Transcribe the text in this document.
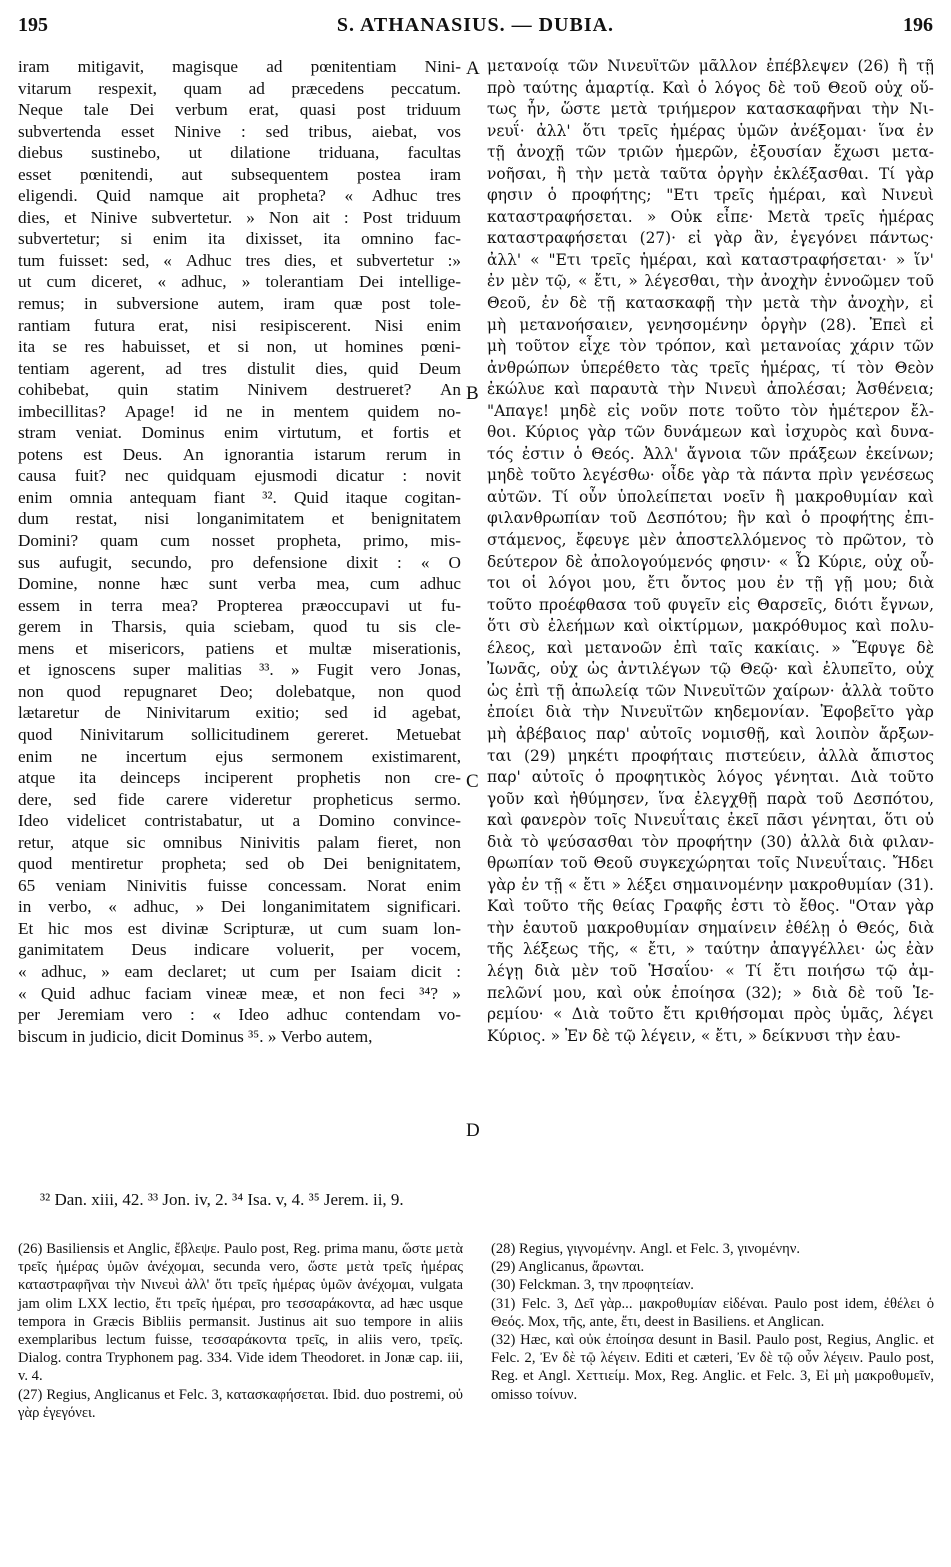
195	S. ATHANASIUS. — DUBIA.	196
iram mitigavit, magisque ad pœnitentiam Nini-
vitarum respexit, quam ad præcedens peccatum.
Neque tale Dei verbum erat, quasi post triduum
subvertenda esset Ninive : sed tribus, aiebat, vos
diebus sustinebo, ut dilatione triduana, facultas
esset pœnitendi, aut subsequentem postea iram
eligendi. Quid namque ait propheta? « Adhuc tres
dies, et Ninive subvertetur. » Non ait : Post triduum
subvertetur; si enim ita dixisset, ita omnino fac-
tum fuisset: sed, « Adhuc tres dies, et subvertetur :»
ut cum diceret, « adhuc, » tolerantiam Dei intellige-
remus; in subversione autem, iram quæ post tole-
rantiam futura erat, nisi resipiscerent. Nisi enim
ita se res habuisset, et si non, ut homines pœni-
tentiam agerent, ad tres distulit dies, quid Deum
cohibebat, quin statim Ninivem destrueret? An
imbecillitas? Apage! id ne in mentem quidem no-
stram veniat. Dominus enim virtutum, et fortis et
potens est Deus. An ignorantia istarum rerum in
causa fuit? nec quidquam ejusmodi dicatur : novit
enim omnia antequam fiant ³². Quid itaque cogitan-
dum restat, nisi longanimitatem et benignitatem
Domini? quam cum nosset propheta, primo, mis-
sus aufugit, secundo, pro defensione dixit : « O
Domine, nonne hæc sunt verba mea, cum adhuc
essem in terra mea? Propterea præoccupavi ut fu-
gerem in Tharsis, quia sciebam, quod tu sis cle-
mens et misericors, patiens et multæ miserationis,
et ignoscens super malitias ³³. » Fugit vero Jonas,
non quod repugnaret Deo; dolebatque, non quod
lætaretur de Ninivitarum exitio; sed id agebat,
quod Ninivitarum sollicitudinem gereret. Metuebat
enim ne incertum ejus sermonem existimarent,
atque ita deinceps inciperent prophetis non cre-
dere, sed fide carere videretur propheticus sermo.
Ideo videlicet contristabatur, ut a Domino convince-
retur, atque sic omnibus Ninivitis palam fieret, non
quod mentiretur propheta; sed ob Dei benignitatem,
65 veniam Ninivitis fuisse concessam. Norat enim
in verbo, « adhuc, » Dei longanimitatem significari.
Et hic mos est divinæ Scripturæ, ut cum suam lon-
ganimitatem Deus indicare voluerit, per vocem,
« adhuc, » eam declaret; ut cum per Isaiam dicit :
« Quid adhuc faciam vineæ meæ, et non feci ³⁴? »
per Jeremiam vero : « Ideo adhuc contendam vo-
biscum
in
judicio,
dicit
Dominus
³⁵.
»
Verbo
autem,

μετανοίᾳ τῶν Νινευϊτῶν μᾶλλον ἐπέβλεψεν (26) ἢ τῇ
πρὸ ταύτης ἁμαρτίᾳ. Καὶ ὁ λόγος δὲ τοῦ Θεοῦ οὐχ οὕ-
τως ἦν, ὥστε μετὰ τριήμερον κατασκαφῆναι τὴν Νι-
νευΐ· ἀλλ' ὅτι τρεῖς ἡμέρας ὑμῶν ἀνέξομαι· ἵνα ἐν
τῇ ἀνοχῇ τῶν τριῶν ἡμερῶν, ἐξουσίαν ἔχωσι μετα-
νοῆσαι, ἢ τὴν μετὰ ταῦτα ὀργὴν ἐκλέξασθαι. Τί γὰρ
φησιν ὁ προφήτης; "Ετι τρεῖς ἡμέραι, καὶ Νινευὶ
καταστραφήσεται. » Οὐκ εἶπε· Μετὰ τρεῖς ἡμέρας
καταστραφήσεται (27)· εἰ γὰρ ἂν, ἐγεγόνει πάντως·
ἀλλ' « "Ετι τρεῖς ἡμέραι, καὶ καταστραφήσεται· » ἵν'
ἐν μὲν τῷ, « ἔτι, » λέγεσθαι, τὴν ἀνοχὴν ἐννοῶμεν τοῦ
Θεοῦ, ἐν δὲ τῇ κατασκαφῇ τὴν μετὰ τὴν ἀνοχὴν, εἰ
μὴ μετανοήσαιεν, γενησομένην ὀργὴν (28). Ἐπεὶ εἰ
μὴ τοῦτον εἶχε τὸν τρόπον, καὶ μετανοίας χάριν τῶν
ἀνθρώπων ὑπερέθετο τὰς τρεῖς ἡμέρας, τί τὸν Θεὸν
ἐκώλυε καὶ παραυτὰ τὴν Νινευὶ ἀπολέσαι; Ἀσθένεια;
"Απαγε! μηδὲ εἰς νοῦν ποτε τοῦτο τὸν ἡμέτερον ἔλ-
θοι. Κύριος γὰρ τῶν δυνάμεων καὶ ἰσχυρὸς καὶ δυνα-
τός ἐστιν ὁ Θεός. Ἀλλ' ἄγνοια τῶν πράξεων ἐκείνων;
μηδὲ τοῦτο λεγέσθω· οἶδε γὰρ τὰ πάντα πρὶν γενέσεως
αὐτῶν. Τί οὖν ὑπολείπεται νοεῖν ἢ μακροθυμίαν καὶ
φιλανθρωπίαν τοῦ Δεσπότου; ἣν καὶ ὁ προφήτης ἐπι-
στάμενος, ἔφευγε μὲν ἀποστελλόμενος τὸ πρῶτον, τὸ
δεύτερον δὲ ἀπολογούμενός φησιν· « Ὦ Κύριε, οὐχ οὗ-
τοι οἱ λόγοι μου, ἔτι ὄντος μου ἐν τῇ γῇ μου; διὰ
τοῦτο προέφθασα τοῦ φυγεῖν εἰς Θαρσεῖς, διότι ἔγνων,
ὅτι σὺ ἐλεήμων καὶ οἰκτίρμων, μακρόθυμος καὶ πολυ-
έλεος, καὶ μετανοῶν ἐπὶ ταῖς κακίαις. » Ἔφυγε δὲ
Ἰωνᾶς, οὐχ ὡς ἀντιλέγων τῷ Θεῷ· καὶ ἐλυπεῖτο, οὐχ
ὡς ἐπὶ τῇ ἀπωλείᾳ τῶν Νινευϊτῶν χαίρων· ἀλλὰ τοῦτο
ἐποίει διὰ τὴν Νινευϊτῶν κηδεμονίαν. Ἐφοβεῖτο γὰρ
μὴ ἀβέβαιος παρ' αὐτοῖς νομισθῇ, καὶ λοιπὸν ἄρξων-
ται (29) μηκέτι προφήταις πιστεύειν, ἀλλὰ ἄπιστος
παρ' αὐτοῖς ὁ προφητικὸς λόγος γένηται. Διὰ τοῦτο
γοῦν καὶ ἠθύμησεν, ἵνα ἐλεγχθῇ παρὰ τοῦ Δεσπότου,
καὶ φανερὸν τοῖς Νινευΐταις ἐκεῖ πᾶσι γένηται, ὅτι οὐ
διὰ τὸ ψεύσασθαι τὸν προφήτην (30) ἀλλὰ διὰ φιλαν-
θρωπίαν τοῦ Θεοῦ συγκεχώρηται τοῖς Νινευΐταις. Ἤδει
γὰρ ἐν τῇ « ἔτι » λέξει σημαινομένην μακροθυμίαν (31).
Καὶ τοῦτο τῆς θείας Γραφῆς ἐστι τὸ ἔθος. "Οταν γὰρ
τὴν ἑαυτοῦ μακροθυμίαν σημαίνειν ἐθέλῃ ὁ Θεός, διὰ
τῆς λέξεως τῆς, « ἔτι, » ταύτην ἀπαγγέλλει· ὡς ἐὰν
λέγῃ διὰ μὲν τοῦ Ἡσαΐου· « Τί ἔτι ποιήσω τῷ ἀμ-
πελῶνί μου, καὶ οὐκ ἐποίησα (32); » διὰ δὲ τοῦ Ἱε-
ρεμίου· « Διὰ τοῦτο ἔτι κριθήσομαι πρὸς ὑμᾶς, λέγει
Κύριος.
»
Ἐν
δὲ
τῷ
λέγειν,
«
ἔτι,
»
δείκνυσι
τὴν
ἑαυ-

A
B
C
D
³² Dan. xiii, 42. ³³ Jon. iv, 2. ³⁴ Isa. v, 4. ³⁵ Jerem. ii, 9.

(26) Basiliensis et Anglic, ἔβλεψε. Paulo post, Reg. prima manu, ὥστε μετὰ τρεῖς ἡμέρας ὑμῶν ἀνέχομαι, secunda vero, ὥστε μετὰ τρεῖς ἡμέρας καταστραφῆναι τὴν Νινευὶ ἀλλ' ὅτι τρεῖς ἡμέρας ὑμῶν ἀνέχομαι, vulgata jam olim LXX lectio, ἔτι τρεῖς ἡμέραι, pro τεσσαράκοντα, ad hæc usque tempora in Græcis Bibliis permansit. Justinus ait suo tempore in aliis exemplaribus lectum fuisse, τεσσαράκοντα τρεῖς, in aliis vero, τρεῖς. Dialog. contra Tryphonem pag. 334. Vide idem Theodoret. in Jonæ cap. iii, v. 4.

(27) Regius, Anglicanus et Felc. 3, κατασκαφήσεται. Ibid. duo postremi, οὐ γὰρ ἐγεγόνει.

(28) Regius, γιγνομένην. Angl. et Felc. 3, γινομένην.

(29) Anglicanus, ἄρωνται.

(30) Felckman. 3, την προφητείαν.

(31) Felc. 3, Δεῖ γὰρ... μακροθυμίαν εἰδέναι. Paulo post idem, ἐθέλει ὁ Θεός. Mox, τῆς, ante, ἔτι, deest in Basiliens. et Anglican.

(32) Hæc, καὶ οὐκ ἐποίησα desunt in Basil. Paulo post, Regius, Anglic. et Felc. 2, Ἐν δὲ τῷ λέγειν. Editi et cæteri, Ἐν δὲ τῷ οὖν λέγειν. Paulo post, Reg. et Angl. Χεττιείμ. Mox, Reg. Anglic. et Felc. 3, Εἰ μὴ μακροθυμεῖν, omisso τοίνυν.
